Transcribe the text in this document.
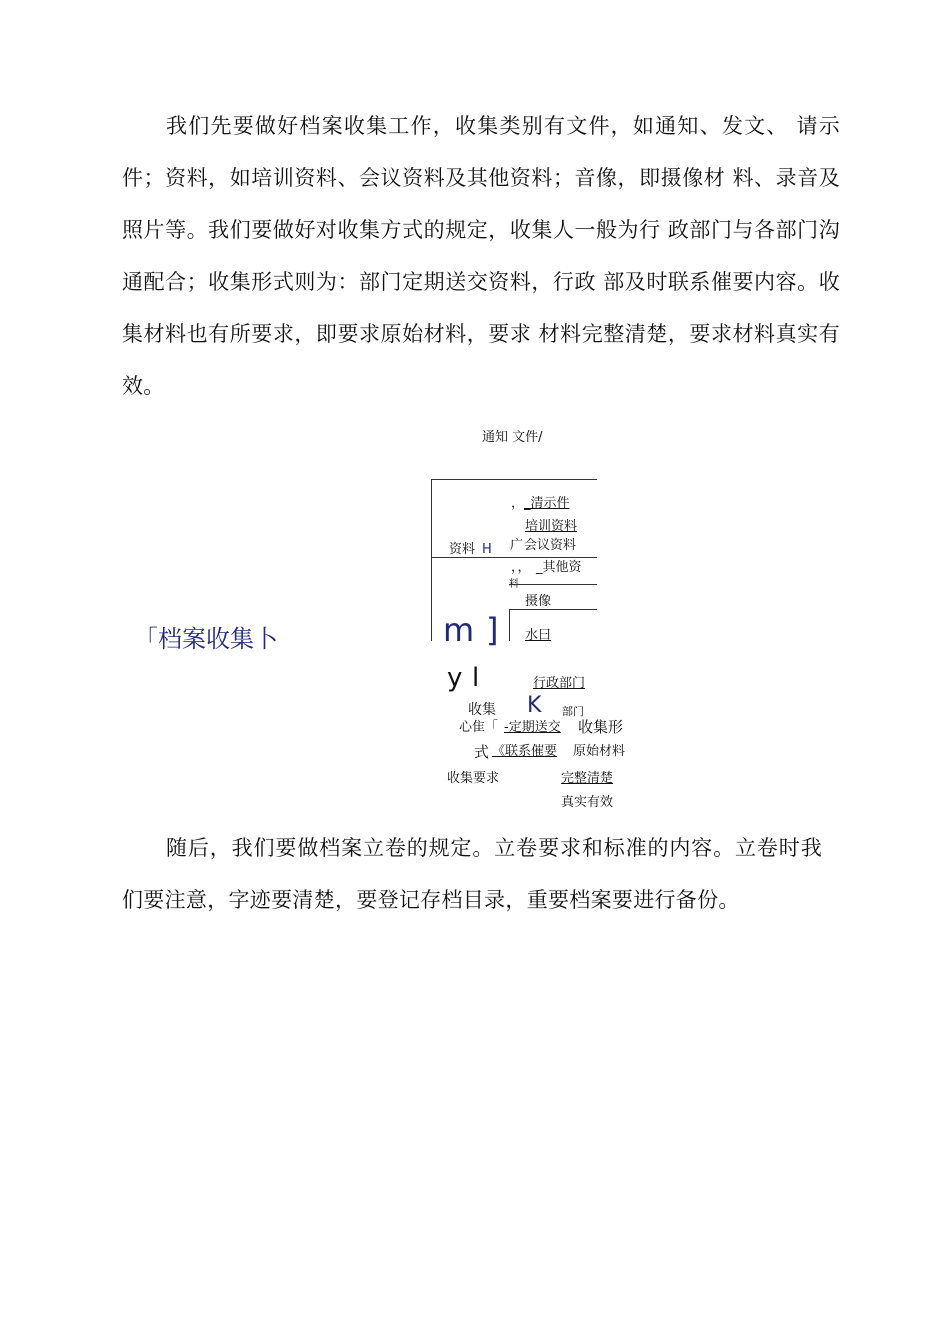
我们先要做好档案收集工作，收集类别有文件，如通知、发文、 请示件；资料，如培训资料、会议资料及其他资料；音像，即摄像材 料、录音及照片等。我们要做好对收集方式的规定，收集人一般为行 政部门与各部门沟通配合；收集形式则为：部门定期送交资料，行政 部及时联系催要内容。收集材料也有所要求，即要求原始材料，要求 材料完整清楚，要求材料真实有效。

通知 文件/
， _清示件
培训资料
资料 H 广 会议资料
，， _其他资
摄像
m ] 水曰
「档案收集卜
y l	行政部门
收集 K 部门
心隹「 -定期送交 收集形
式 《联系催要 原始材料
收集要求	完整清楚
真实有效

随后，我们要做档案立卷的规定。立卷要求和标准的内容。立卷时我们要注意，字迹要清楚，要登记存档目录，重要档案要进行备份。
